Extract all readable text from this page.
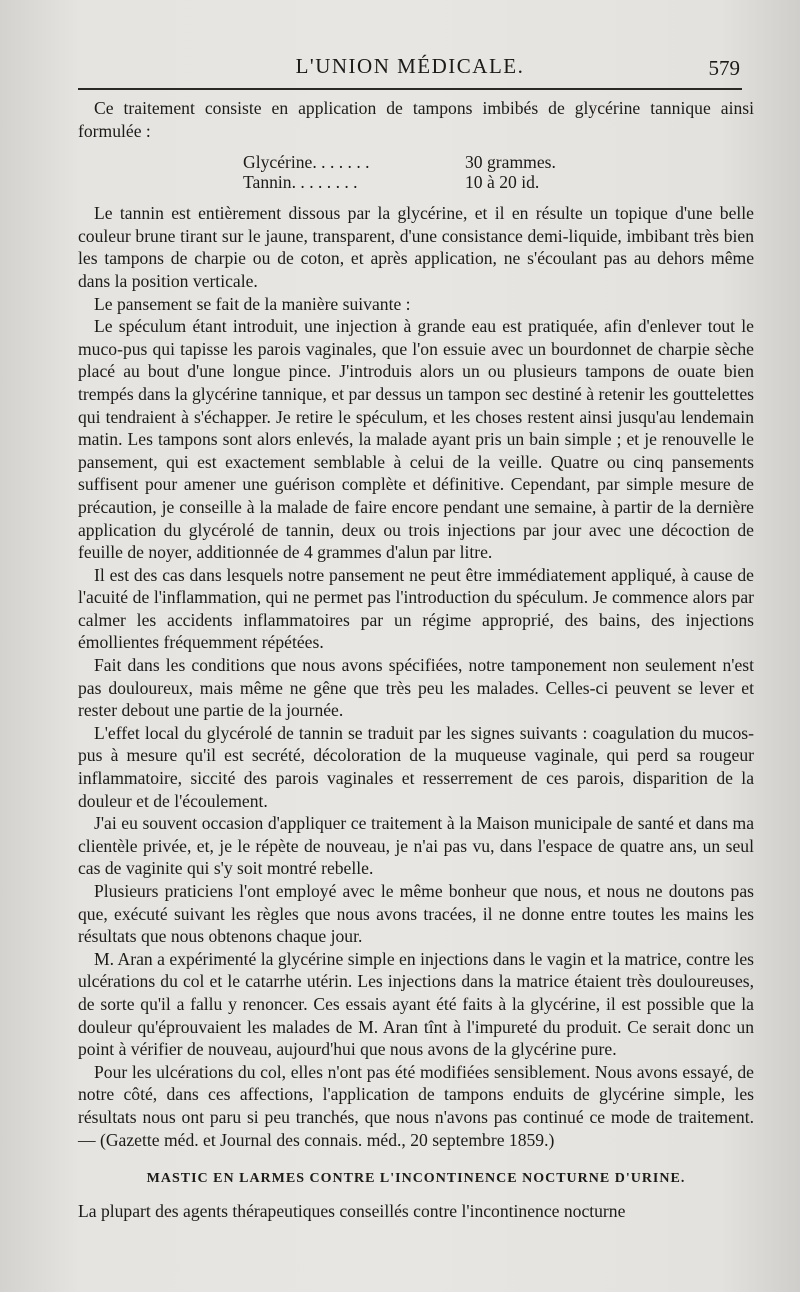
L'UNION MÉDICALE.	579

Ce traitement consiste en application de tampons imbibés de glycérine tannique ainsi formulée :

Glycérine. . . . . . .	30 grammes.
Tannin. . . . . . . .	10 à 20 id.

Le tannin est entièrement dissous par la glycérine, et il en résulte un topique d'une belle couleur brune tirant sur le jaune, transparent, d'une consistance demi-liquide, imbibant très bien les tampons de charpie ou de coton, et après application, ne s'écoulant pas au dehors même dans la position verticale.

Le pansement se fait de la manière suivante :

Le spéculum étant introduit, une injection à grande eau est pratiquée, afin d'enlever tout le muco-pus qui tapisse les parois vaginales, que l'on essuie avec un bourdonnet de charpie sèche placé au bout d'une longue pince. J'introduis alors un ou plusieurs tampons de ouate bien trempés dans la glycérine tannique, et par dessus un tampon sec destiné à retenir les gouttelettes qui tendraient à s'échapper. Je retire le spéculum, et les choses restent ainsi jusqu'au lendemain matin. Les tampons sont alors enlevés, la malade ayant pris un bain simple ; et je renouvelle le pansement, qui est exactement semblable à celui de la veille. Quatre ou cinq pansements suffisent pour amener une guérison complète et définitive. Cependant, par simple mesure de précaution, je conseille à la malade de faire encore pendant une semaine, à partir de la dernière application du glycérolé de tannin, deux ou trois injections par jour avec une décoction de feuille de noyer, additionnée de 4 grammes d'alun par litre.

Il est des cas dans lesquels notre pansement ne peut être immédiatement appliqué, à cause de l'acuité de l'inflammation, qui ne permet pas l'introduction du spéculum. Je commence alors par calmer les accidents inflammatoires par un régime approprié, des bains, des injections émollientes fréquemment répétées.

Fait dans les conditions que nous avons spécifiées, notre tamponement non seulement n'est pas douloureux, mais même ne gêne que très peu les malades. Celles-ci peuvent se lever et rester debout une partie de la journée.

L'effet local du glycérolé de tannin se traduit par les signes suivants : coagulation du mucos-pus à mesure qu'il est secrété, décoloration de la muqueuse vaginale, qui perd sa rougeur inflammatoire, siccité des parois vaginales et resserrement de ces parois, disparition de la douleur et de l'écoulement.

J'ai eu souvent occasion d'appliquer ce traitement à la Maison municipale de santé et dans ma clientèle privée, et, je le répète de nouveau, je n'ai pas vu, dans l'espace de quatre ans, un seul cas de vaginite qui s'y soit montré rebelle.

Plusieurs praticiens l'ont employé avec le même bonheur que nous, et nous ne doutons pas que, exécuté suivant les règles que nous avons tracées, il ne donne entre toutes les mains les résultats que nous obtenons chaque jour.

M. Aran a expérimenté la glycérine simple en injections dans le vagin et la matrice, contre les ulcérations du col et le catarrhe utérin. Les injections dans la matrice étaient très douloureuses, de sorte qu'il a fallu y renoncer. Ces essais ayant été faits à la glycérine, il est possible que la douleur qu'éprouvaient les malades de M. Aran tînt à l'impureté du produit. Ce serait donc un point à vérifier de nouveau, aujourd'hui que nous avons de la glycérine pure.

Pour les ulcérations du col, elles n'ont pas été modifiées sensiblement. Nous avons essayé, de notre côté, dans ces affections, l'application de tampons enduits de glycérine simple, les résultats nous ont paru si peu tranchés, que nous n'avons pas continué ce mode de traitement. — (Gazette méd. et Journal des connais. méd., 20 septembre 1859.)

MASTIC EN LARMES CONTRE L'INCONTINENCE NOCTURNE D'URINE.

La plupart des agents thérapeutiques conseillés contre l'incontinence nocturne
